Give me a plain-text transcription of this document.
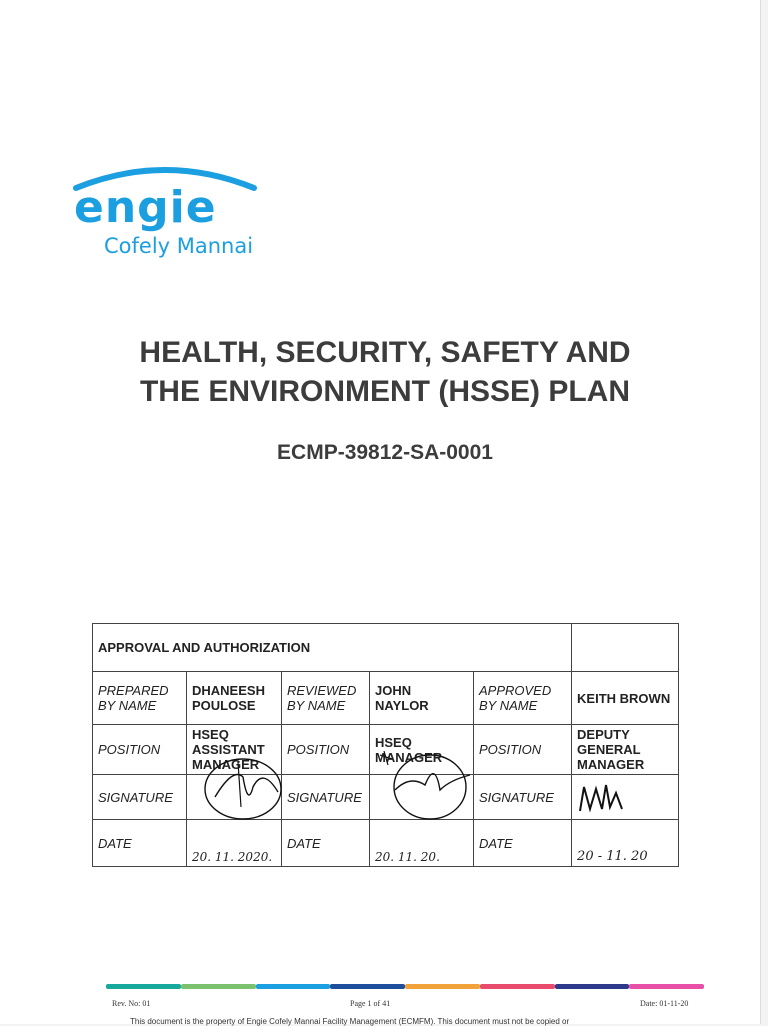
engie
Cofely Mannai
HEALTH, SECURITY, SAFETY AND
THE ENVIRONMENT (HSSE) PLAN
ECMP-39812-SA-0001
APPROVAL AND AUTHORIZATION					
PREPARED BY NAME	DHANEESH POULOSE	REVIEWED BY NAME	JOHN NAYLOR	APPROVED BY NAME	KEITH BROWN
POSITION	HSEQ ASSISTANT MANAGER	POSITION	HSEQ MANAGER	POSITION	DEPUTY GENERAL MANAGER
SIGNATURE		SIGNATURE		SIGNATURE	

DATE	20. 11. 2020.	DATE	20. 11. 20.	DATE	20 - 11. 20
Rev. No: 01	Page 1 of 41	Date: 01-11-20
This document is the property of Engie Cofely Mannai Facility Management (ECMFM). This document must not be copied or
